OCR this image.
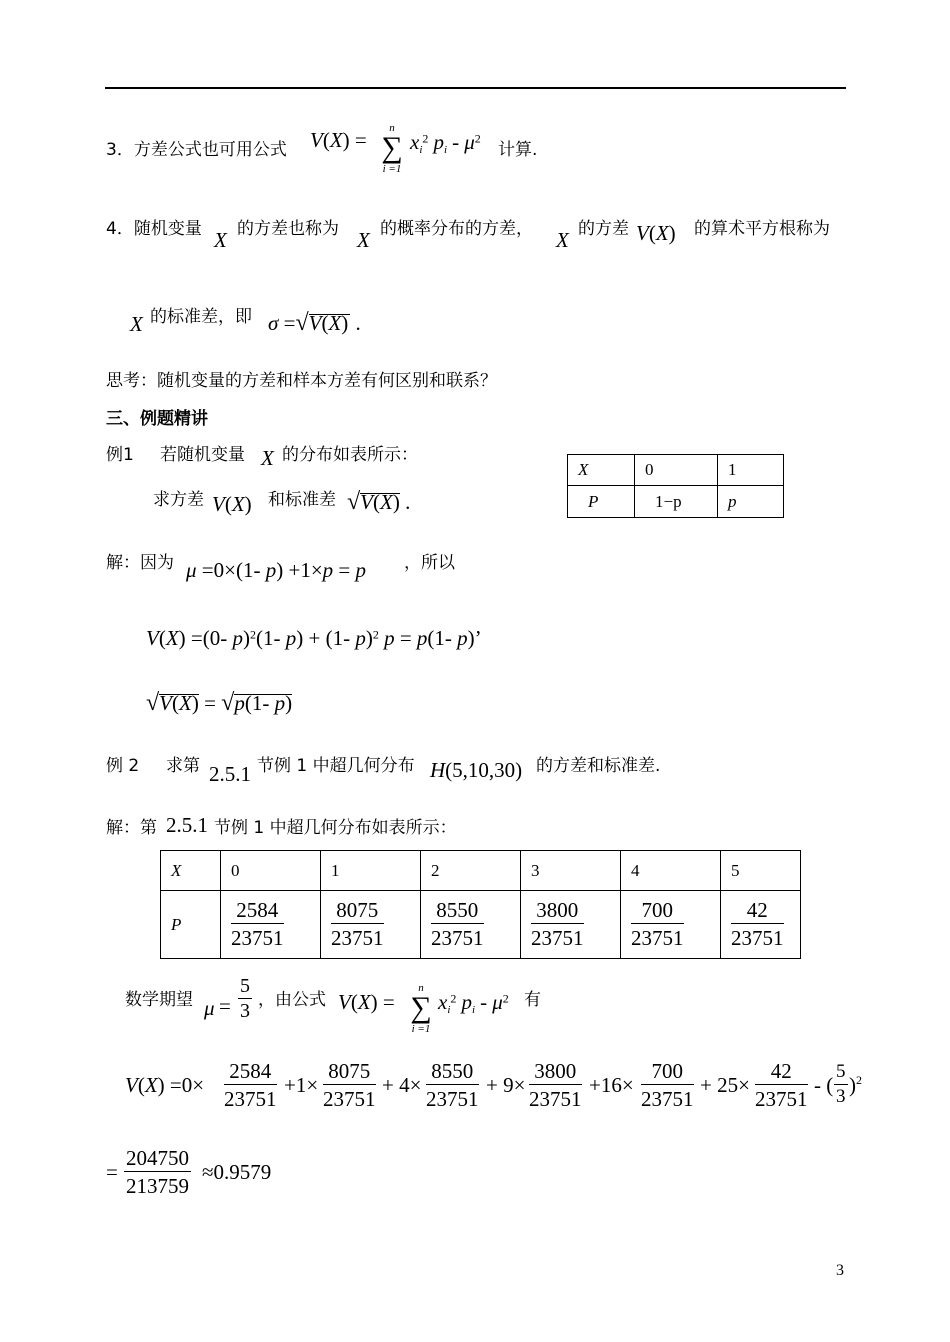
3．方差公式也可用公式 V(X) =	n
∑
i =1
$x_i^2$ $p_i - \mu^2$
计算.
4．随机变量 X 的方差也称为 X 的概率分布的方差， X 的方差 V(X) 的算术平方根称为
X 的标准差，即 σ =√V(X) .
思考：随机变量的方差和样本方差有何区别和联系？
三、例题精讲
例1 若随机变量 X 的分布如表所示：
X	0	1
P	1−p	p
求方差 V(X) 和标准差 √V(X) .
解：因为 μ =0×(1- p) +1×p = p ，所以
V(X) =(0- p)$^2$(1- p) + (1- p)$^2$ p = p(1- p)’
√V(X) = √p(1- p)
例 2 求第 2.5.1 节例 1 中超几何分布 H(5,10,30) 的方差和标准差.
解：第 2.5.1 节例 1 中超几何分布如表所示：
X	0	1	2	3	4	5
P	$\frac{2584}{23751}$	$\frac{8075}{23751}$	$\frac{8550}{23751}$	$\frac{3800}{23751}$	$\frac{700}{23751}$	$\frac{42}{23751}$
数学期望 $\mu = \frac{5}{3}$ ，由公式 V(X) =
n
∑
i =1
$x_i^2$ $p_i - \mu^2$ 有
$V(X) =0\times \frac{2584}{23751} +1\times \frac{8075}{23751} + 4\times \frac{8550}{23751} + 9\times \frac{3800}{23751} +16\times \frac{700}{23751} + 25\times \frac{42}{23751}$ - ( $\frac{5}{3} )^2$
= $\frac{204750}{213759} \approx 0.9579$
3
